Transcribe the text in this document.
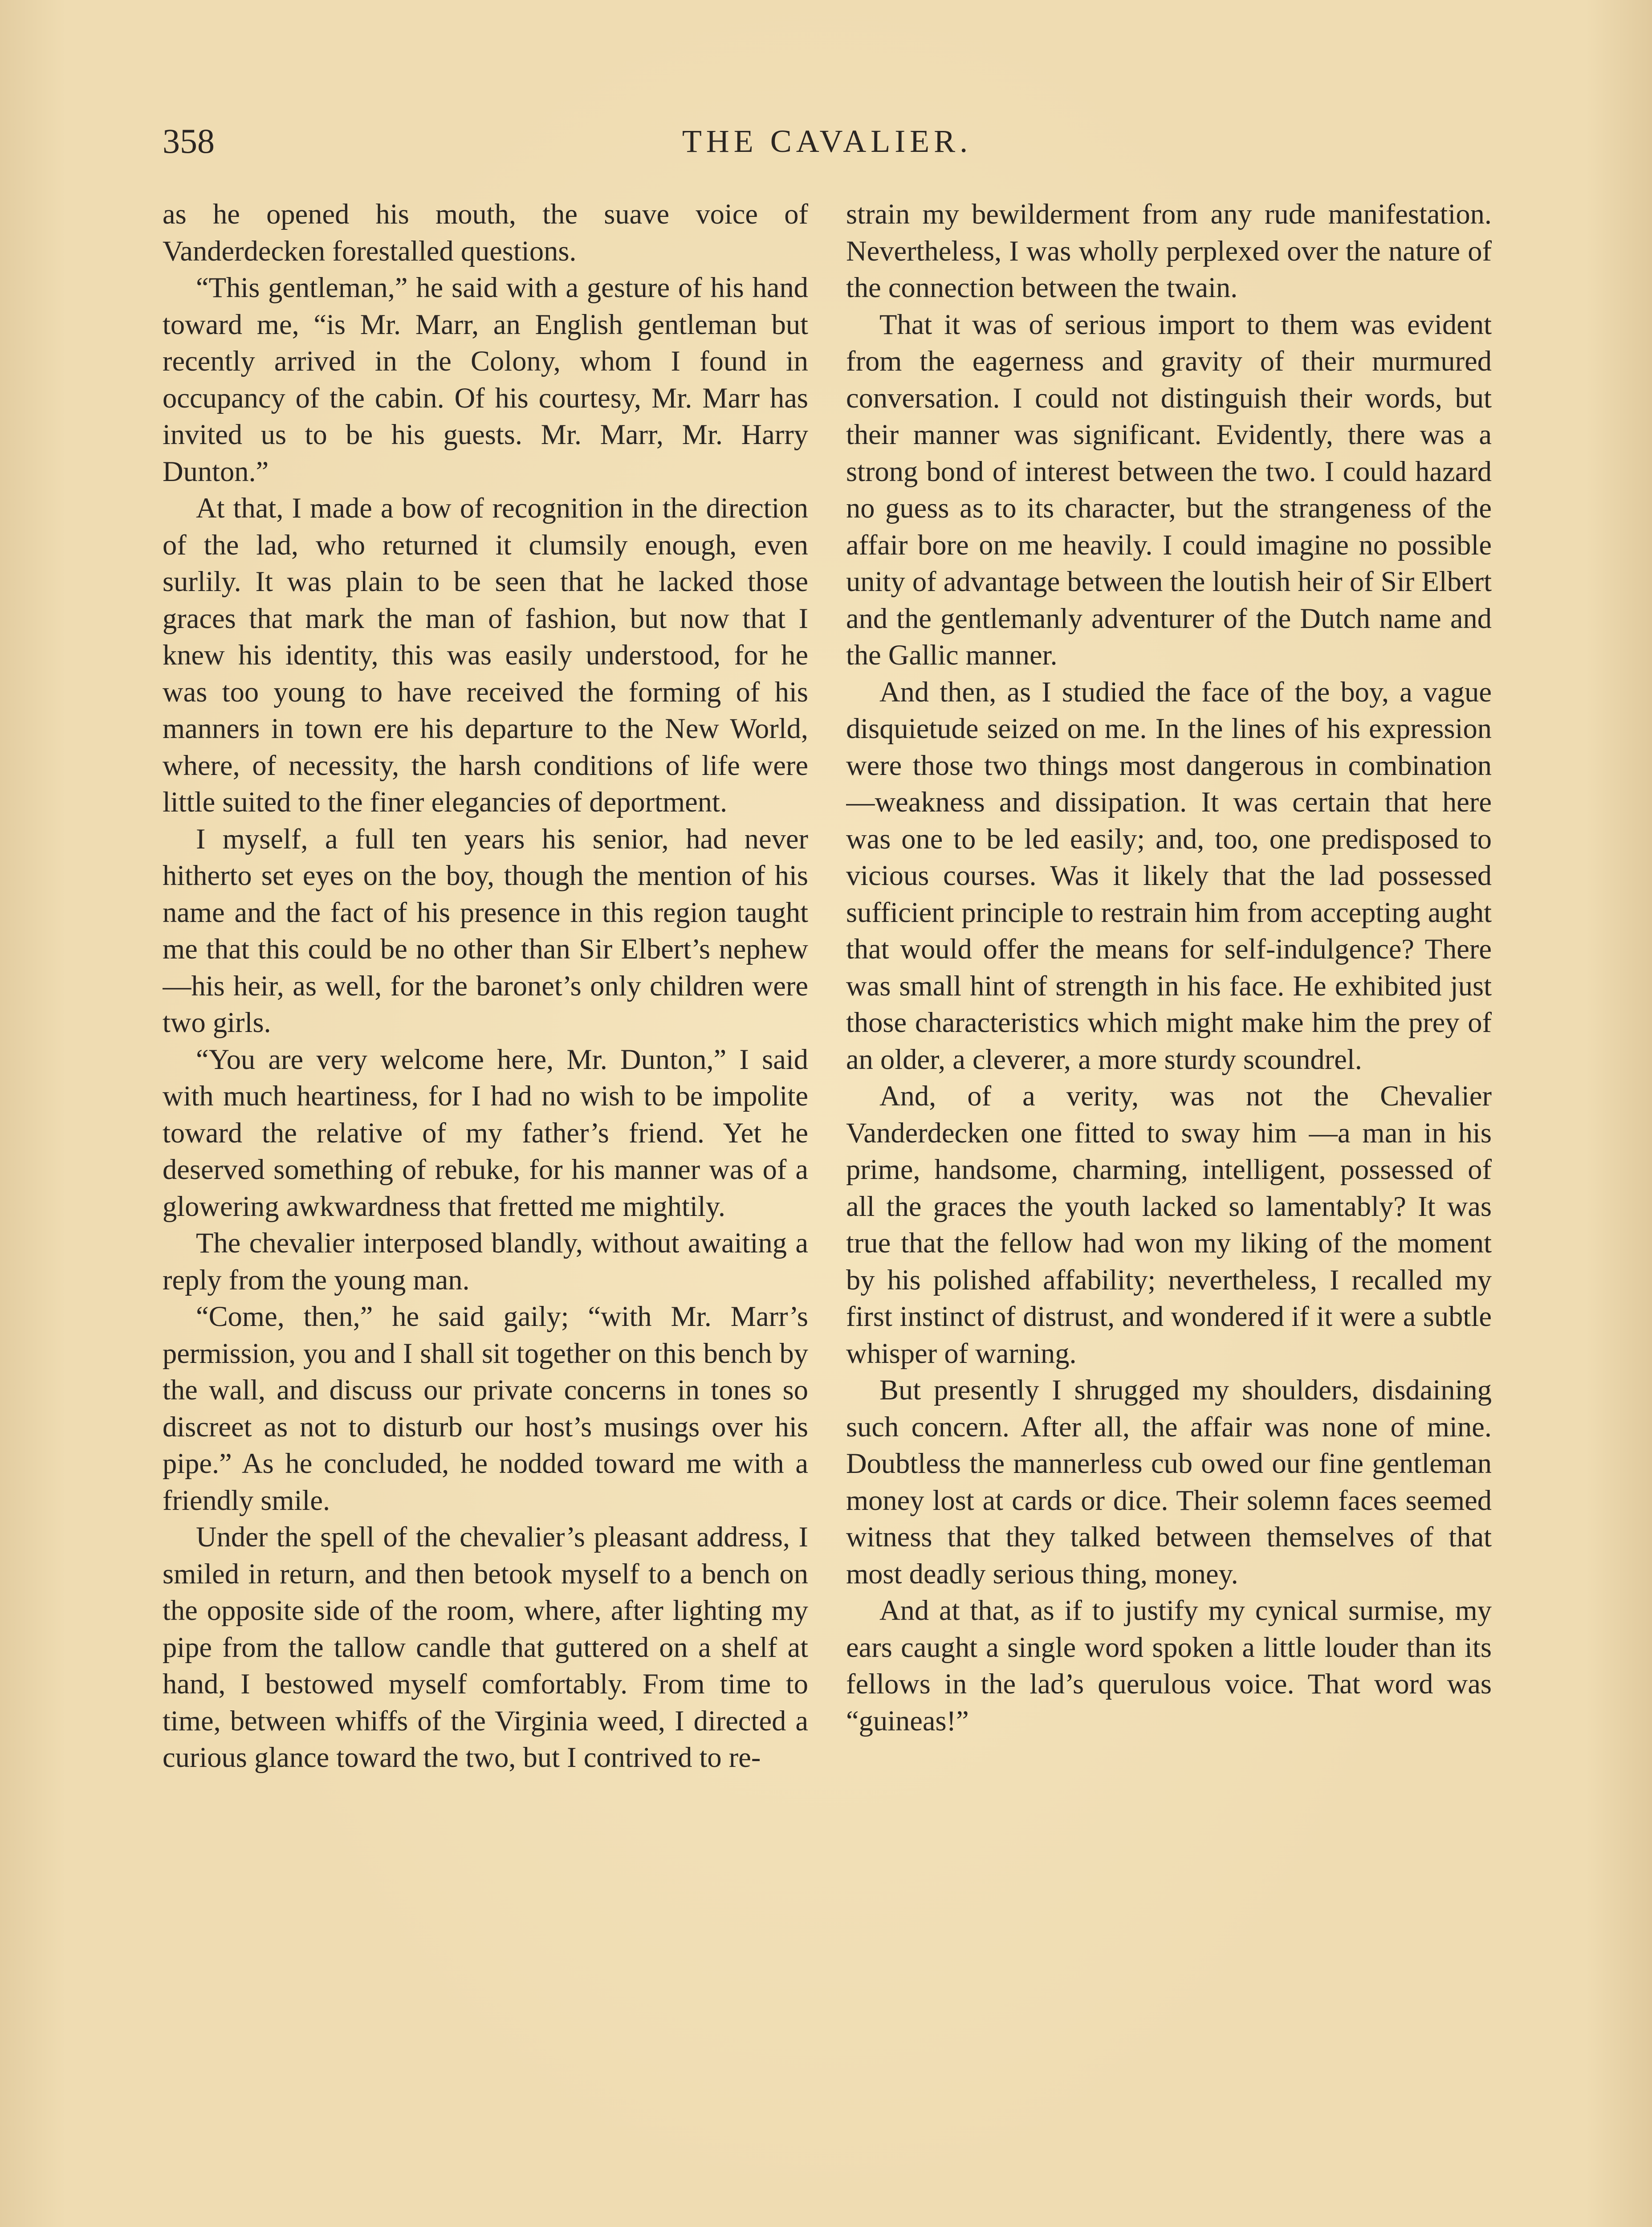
358	THE CAVALIER.

as he opened his mouth, the suave voice of Vanderdecken forestalled questions.

“This gentleman,” he said with a gesture of his hand toward me, “is Mr. Marr, an English gentleman but recently arrived in the Colony, whom I found in occupancy of the cabin. Of his courtesy, Mr. Marr has invited us to be his guests. Mr. Marr, Mr. Harry Dunton.”

At that, I made a bow of recognition in the direction of the lad, who returned it clumsily enough, even surlily. It was plain to be seen that he lacked those graces that mark the man of fashion, but now that I knew his identity, this was easily understood, for he was too young to have received the forming of his manners in town ere his departure to the New World, where, of necessity, the harsh conditions of life were little suited to the finer elegancies of deportment.

I myself, a full ten years his senior, had never hitherto set eyes on the boy, though the mention of his name and the fact of his presence in this region taught me that this could be no other than Sir Elbert’s nephew—his heir, as well, for the baronet’s only children were two girls.

“You are very welcome here, Mr. Dunton,” I said with much heartiness, for I had no wish to be impolite toward the relative of my father’s friend. Yet he deserved something of rebuke, for his manner was of a glowering awkwardness that fretted me mightily.

The chevalier interposed blandly, without awaiting a reply from the young man.

“Come, then,” he said gaily; “with Mr. Marr’s permission, you and I shall sit together on this bench by the wall, and discuss our private concerns in tones so discreet as not to disturb our host’s musings over his pipe.” As he concluded, he nodded toward me with a friendly smile.

Under the spell of the chevalier’s pleasant address, I smiled in return, and then betook myself to a bench on the opposite side of the room, where, after lighting my pipe from the tallow candle that guttered on a shelf at hand, I bestowed myself comfortably. From time to time, between whiffs of the Virginia weed, I directed a curious glance toward the two, but I contrived to re-

strain my bewilderment from any rude manifestation. Nevertheless, I was wholly perplexed over the nature of the connection between the twain.

That it was of serious import to them was evident from the eagerness and gravity of their murmured conversation. I could not distinguish their words, but their manner was significant. Evidently, there was a strong bond of interest between the two. I could hazard no guess as to its character, but the strangeness of the affair bore on me heavily. I could imagine no possible unity of advantage between the loutish heir of Sir Elbert and the gentlemanly adventurer of the Dutch name and the Gallic manner.

And then, as I studied the face of the boy, a vague disquietude seized on me. In the lines of his expression were those two things most dangerous in combination—weakness and dissipation. It was certain that here was one to be led easily; and, too, one predisposed to vicious courses. Was it likely that the lad possessed sufficient principle to restrain him from accepting aught that would offer the means for self-indulgence? There was small hint of strength in his face. He exhibited just those characteristics which might make him the prey of an older, a cleverer, a more sturdy scoundrel.

And, of a verity, was not the Chevalier Vanderdecken one fitted to sway him —a man in his prime, handsome, charming, intelligent, possessed of all the graces the youth lacked so lamentably? It was true that the fellow had won my liking of the moment by his polished affability; nevertheless, I recalled my first instinct of distrust, and wondered if it were a subtle whisper of warning.

But presently I shrugged my shoulders, disdaining such concern. After all, the affair was none of mine. Doubtless the mannerless cub owed our fine gentleman money lost at cards or dice. Their solemn faces seemed witness that they talked between themselves of that most deadly serious thing, money.

And at that, as if to justify my cynical surmise, my ears caught a single word spoken a little louder than its fellows in the lad’s querulous voice. That word was “guineas!”
